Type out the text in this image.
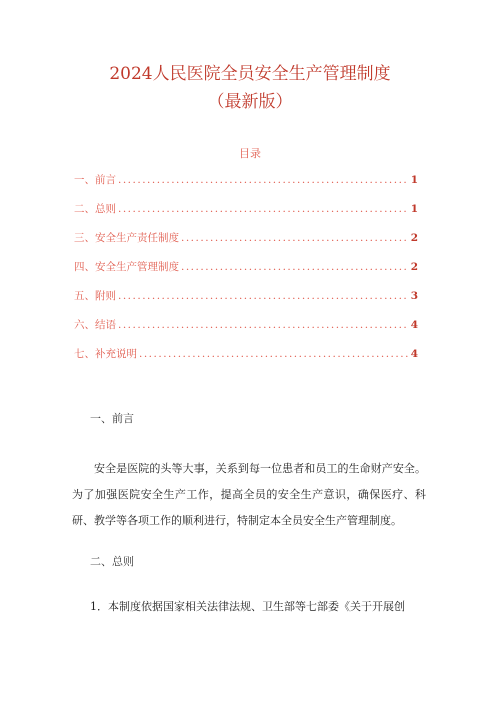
2024人民医院全员安全生产管理制度
（最新版）
目录
一、前言 .....	1
二、总则 .....	1
三、安全生产责任制度 .....	2
四、安全生产管理制度 .....	2
五、附则 .....	3
六、结语 .....	4
七、补充说明 .....	4
一、前言
安全是医院的头等大事，关系到每一位患者和员工的生命财产安全。为了加强医院安全生产工作，提高全员的安全生产意识，确保医疗、科研、教学等各项工作的顺利进行，特制定本全员安全生产管理制度。
二、总则
1．本制度依据国家相关法律法规、卫生部等七部委《关于开展创
